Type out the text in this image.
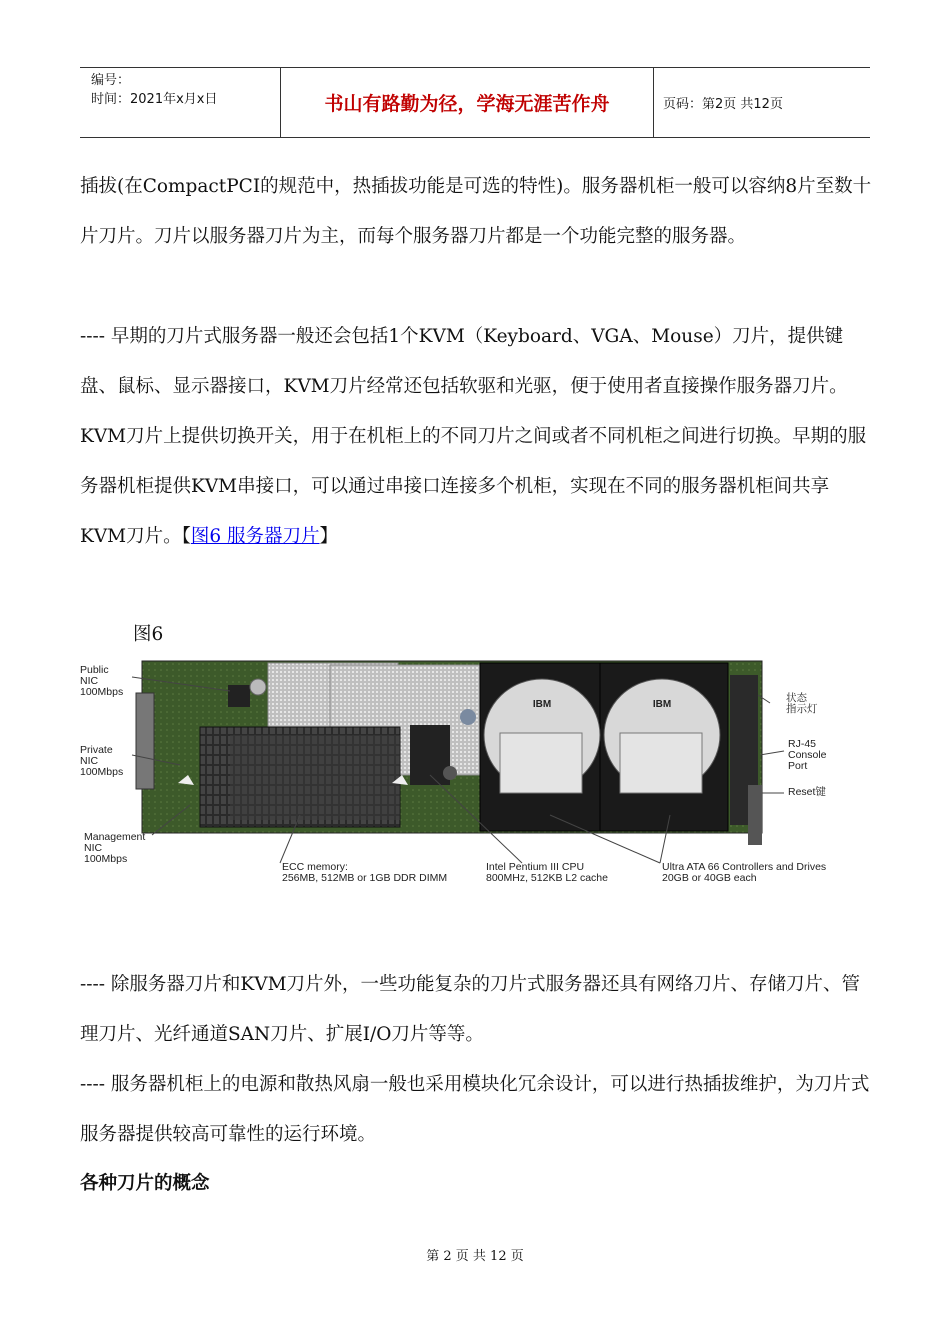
编号：
时间：2021年x月x日	书山有路勤为径，学海无涯苦作舟	页码：第2页 共12页

插拔(在CompactPCI的规范中，热插拔功能是可选的特性)。服务器机柜一般可以容纳8片至数十片刀片。刀片以服务器刀片为主，而每个服务器刀片都是一个功能完整的服务器。

---- 早期的刀片式服务器一般还会包括1个KVM（Keyboard、VGA、Mouse）刀片，提供键盘、鼠标、显示器接口，KVM刀片经常还包括软驱和光驱，便于使用者直接操作服务器刀片。KVM刀片上提供切换开关，用于在机柜上的不同刀片之间或者不同机柜之间进行切换。早期的服务器机柜提供KVM串接口，可以通过串接口连接多个机柜，实现在不同的服务器机柜间共享KVM刀片。【图6 服务器刀片】

图6
IBM	IBM
Public
NIC
100Mbps
Private
NIC
100Mbps
Management
NIC
100Mbps
ECC memory:
256MB, 512MB or 1GB DDR DIMM
Intel Pentium III CPU
800MHz, 512KB L2 cache
Ultra ATA 66 Controllers and Drives
20GB or 40GB each
状态
指示灯
RJ-45
Console
Port
Reset键

---- 除服务器刀片和KVM刀片外，一些功能复杂的刀片式服务器还具有网络刀片、存储刀片、管理刀片、光纤通道SAN刀片、扩展I/O刀片等等。

---- 服务器机柜上的电源和散热风扇一般也采用模块化冗余设计，可以进行热插拔维护，为刀片式服务器提供较高可靠性的运行环境。

各种刀片的概念
第 2 页 共 12 页
